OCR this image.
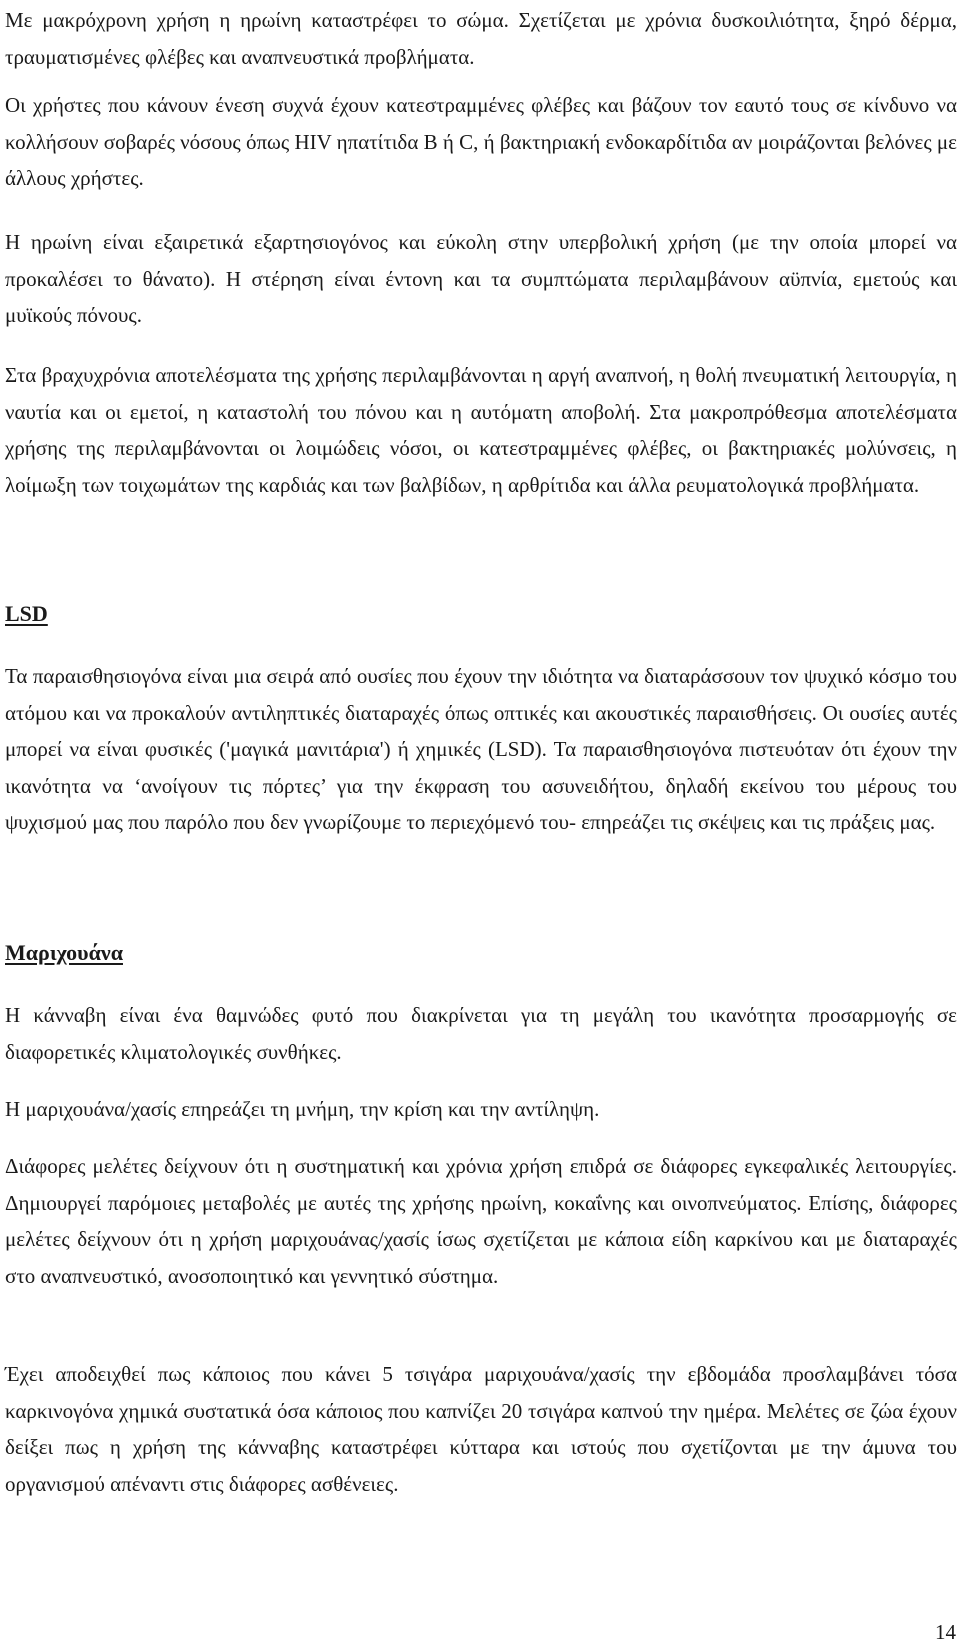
Με μακρόχρονη χρήση η ηρωίνη καταστρέφει το σώμα. Σχετίζεται με χρόνια δυσκοιλιότητα, ξηρό δέρμα, τραυματισμένες φλέβες και αναπνευστικά προβλήματα.

Οι χρήστες που κάνουν ένεση συχνά έχουν κατεστραμμένες φλέβες και βάζουν τον εαυτό τους σε κίνδυνο να κολλήσουν σοβαρές νόσους όπως HIV ηπατίτιδα Β ή C, ή βακτηριακή ενδοκαρδίτιδα αν μοιράζονται βελόνες με άλλους χρήστες.

Η ηρωίνη είναι εξαιρετικά εξαρτησιογόνος και εύκολη στην υπερβολική χρήση (με την οποία μπορεί να προκαλέσει το θάνατο). Η στέρηση είναι έντονη και τα συμπτώματα περιλαμβάνουν αϋπνία, εμετούς και μυϊκούς πόνους.

Στα βραχυχρόνια αποτελέσματα της χρήσης περιλαμβάνονται η αργή αναπνοή, η θολή πνευματική λειτουργία, η ναυτία και οι εμετοί, η καταστολή του πόνου και η αυτόματη αποβολή. Στα μακροπρόθεσμα αποτελέσματα χρήσης της περιλαμβάνονται οι λοιμώδεις νόσοι, οι κατεστραμμένες φλέβες, οι βακτηριακές μολύνσεις, η λοίμωξη των τοιχωμάτων της καρδιάς και των βαλβίδων, η αρθρίτιδα και άλλα ρευματολογικά προβλήματα.

LSD

Τα παραισθησιογόνα είναι μια σειρά από ουσίες που έχουν την ιδιότητα να διαταράσσουν τον ψυχικό κόσμο του ατόμου και να προκαλούν αντιληπτικές διαταραχές όπως οπτικές και ακουστικές παραισθήσεις. Οι ουσίες αυτές μπορεί να είναι φυσικές ('μαγικά μανιτάρια') ή χημικές (LSD). Τα παραισθησιογόνα πιστευόταν ότι έχουν την ικανότητα να ‘ανοίγουν τις πόρτες’ για την έκφραση του ασυνειδήτου, δηλαδή εκείνου του μέρους του ψυχισμού μας που παρόλο που δεν γνωρίζουμε το περιεχόμενό του- επηρεάζει τις σκέψεις και τις πράξεις μας.

Μαριχουάνα

Η κάνναβη είναι ένα θαμνώδες φυτό που διακρίνεται για τη μεγάλη του ικανότητα προσαρμογής σε διαφορετικές κλιματολογικές συνθήκες.

Η μαριχουάνα/χασίς επηρεάζει τη μνήμη, την κρίση και την αντίληψη.

Διάφορες μελέτες δείχνουν ότι η συστηματική και χρόνια χρήση επιδρά σε διάφορες εγκεφαλικές λειτουργίες. Δημιουργεί παρόμοιες μεταβολές με αυτές της χρήσης ηρωίνη, κοκαΐνης και οινοπνεύματος. Επίσης, διάφορες μελέτες δείχνουν ότι η χρήση μαριχουάνας/χασίς ίσως σχετίζεται με κάποια είδη καρκίνου και με διαταραχές στο αναπνευστικό, ανοσοποιητικό και γεννητικό σύστημα.

Έχει αποδειχθεί πως κάποιος που κάνει 5 τσιγάρα μαριχουάνα/χασίς την εβδομάδα προσλαμβάνει τόσα καρκινογόνα χημικά συστατικά όσα κάποιος που καπνίζει 20 τσιγάρα καπνού την ημέρα. Μελέτες σε ζώα έχουν δείξει πως η χρήση της κάνναβης καταστρέφει κύτταρα και ιστούς που σχετίζονται με την άμυνα του οργανισμού απέναντι στις διάφορες ασθένειες.

14
